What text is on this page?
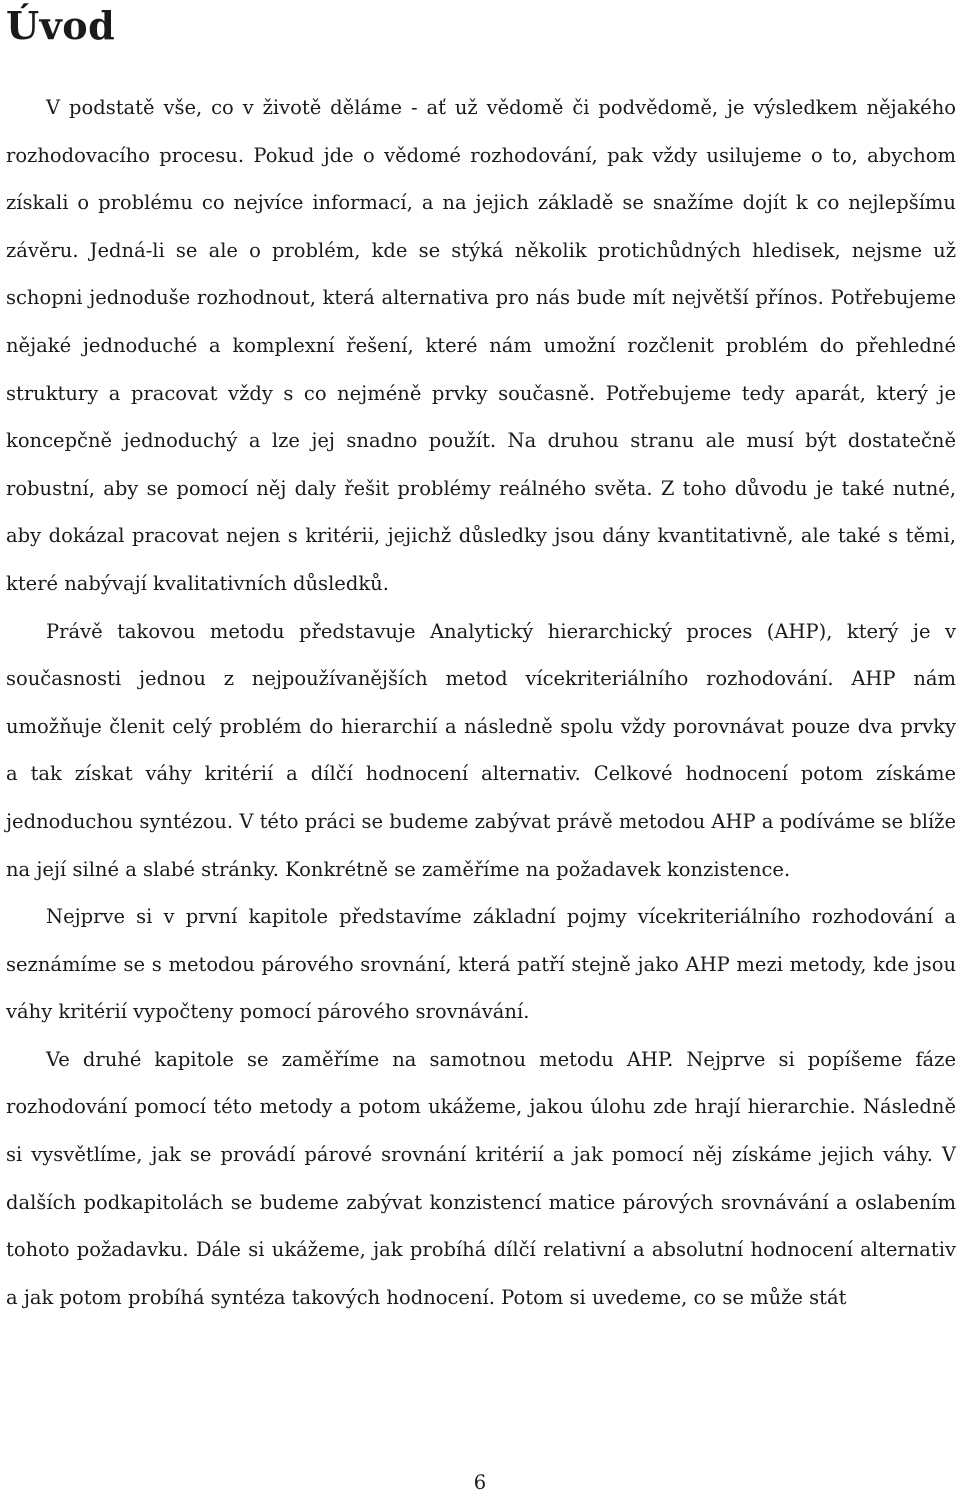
Úvod

V podstatě vše, co v životě děláme - ať už vědomě či podvědomě, je výsledkem nějakého rozhodovacího procesu. Pokud jde o vědomé rozhodování, pak vždy usilujeme o to, abychom získali o problému co nejvíce informací, a na jejich základě se snažíme dojít k co nejlepšímu závěru. Jedná-li se ale o problém, kde se stýká několik protichůdných hledisek, nejsme už schopni jednoduše rozhodnout, která alternativa pro nás bude mít největší přínos. Potřebujeme nějaké jednoduché a komplexní řešení, které nám umožní rozčlenit problém do přehledné struktury a pracovat vždy s co nejméně prvky současně. Potřebujeme tedy aparát, který je koncepčně jednoduchý a lze jej snadno použít. Na druhou stranu ale musí být dostatečně robustní, aby se pomocí něj daly řešit problémy reálného světa. Z toho důvodu je také nutné, aby dokázal pracovat nejen s kritérii, jejichž důsledky jsou dány kvantitativně, ale také s těmi, které nabývají kvalitativních důsledků.

Právě takovou metodu představuje Analytický hierarchický proces (AHP), který je v současnosti jednou z nejpoužívanějších metod vícekriteriálního rozhodování. AHP nám umožňuje členit celý problém do hierarchií a následně spolu vždy porovnávat pouze dva prvky a tak získat váhy kritérií a dílčí hodnocení alternativ. Celkové hodnocení potom získáme jednoduchou syntézou. V této práci se budeme zabývat právě metodou AHP a podíváme se blíže na její silné a slabé stránky. Konkrétně se zaměříme na požadavek konzistence.

Nejprve si v první kapitole představíme základní pojmy vícekriteriálního rozhodování a seznámíme se s metodou párového srovnání, která patří stejně jako AHP mezi metody, kde jsou váhy kritérií vypočteny pomocí párového srovnávání.

Ve druhé kapitole se zaměříme na samotnou metodu AHP. Nejprve si popíšeme fáze rozhodování pomocí této metody a potom ukážeme, jakou úlohu zde hrají hierarchie. Následně si vysvětlíme, jak se provádí párové srovnání kritérií a jak pomocí něj získáme jejich váhy. V dalších podkapitolách se budeme zabývat konzistencí matice párových srovnávání a oslabením tohoto požadavku. Dále si ukážeme, jak probíhá dílčí relativní a absolutní hodnocení alternativ a jak potom probíhá syntéza takových hodnocení. Potom si uvedeme, co se může stát

6
